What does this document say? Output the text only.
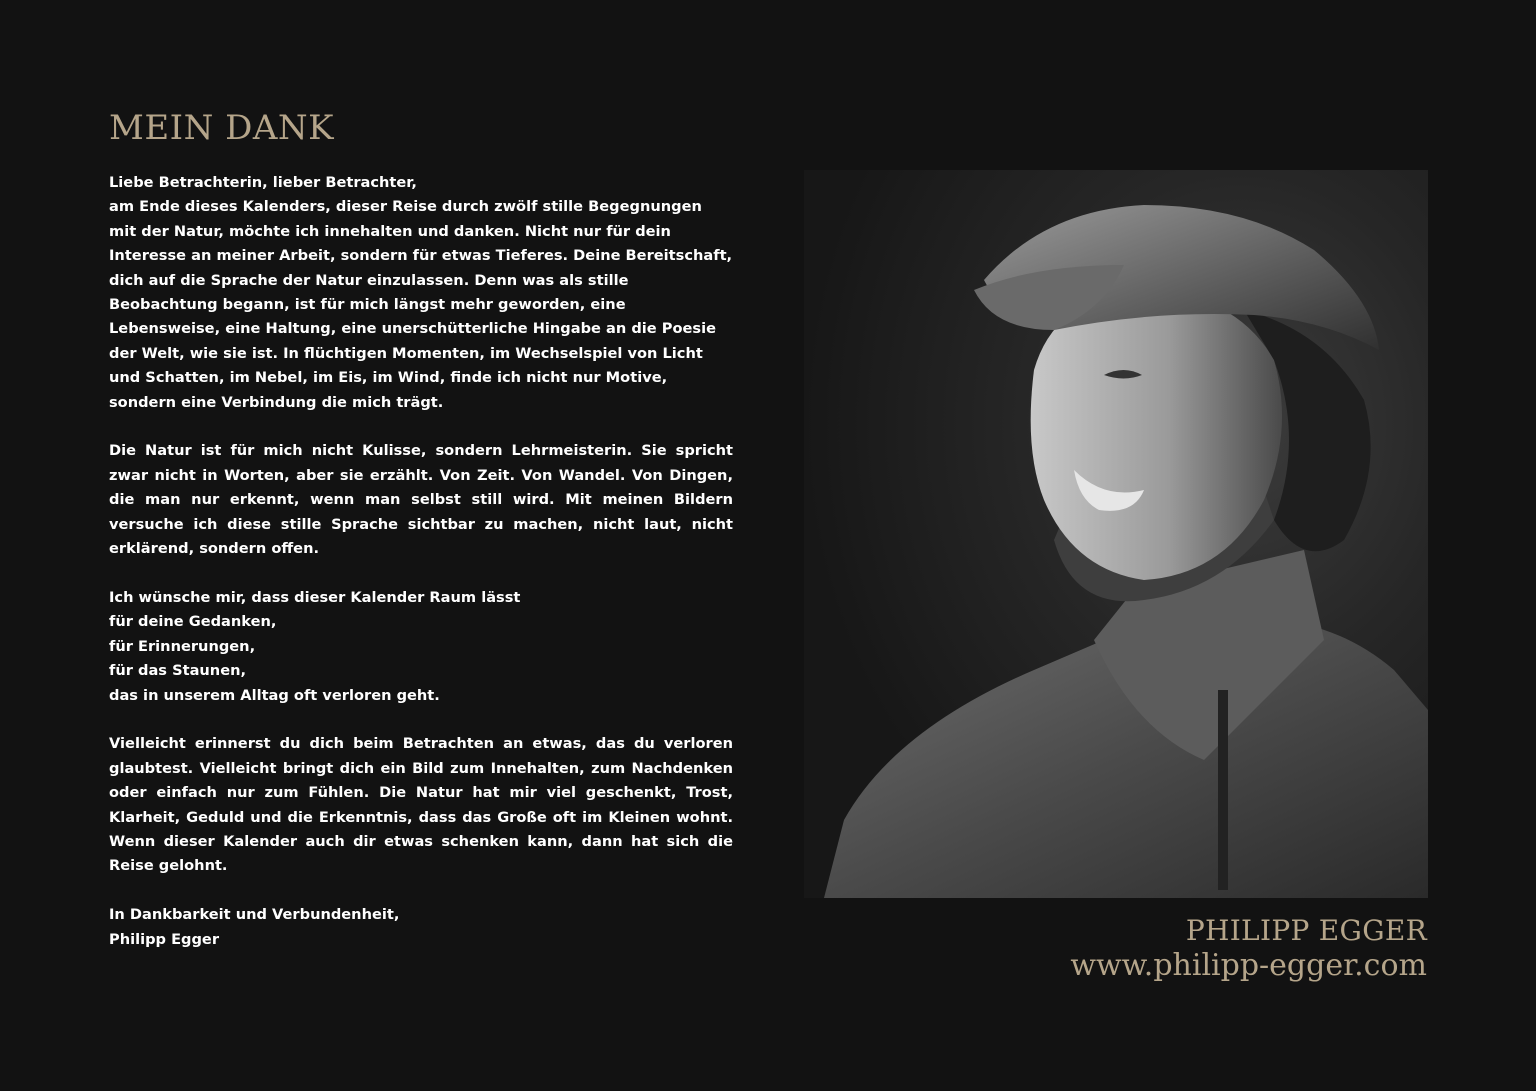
MEIN DANK

Liebe Betrachterin, lieber Betrachter,
am Ende dieses Kalenders, dieser Reise durch zwölf stille Begegnungen mit der Natur, möchte ich innehalten und danken. Nicht nur für dein Interesse an meiner Arbeit, sondern für etwas Tieferes. Deine Bereitschaft, dich auf die Sprache der Natur einzulassen. Denn was als stille Beobachtung begann, ist für mich längst mehr geworden, eine Lebensweise, eine Haltung, eine unerschütterliche Hingabe an die Poesie der Welt, wie sie ist. In flüchtigen Momenten, im Wechselspiel von Licht und Schatten, im Nebel, im Eis, im Wind, finde ich nicht nur Motive, sondern eine Verbindung die mich trägt.

Die Natur ist für mich nicht Kulisse, sondern Lehrmeisterin. Sie spricht zwar nicht in Worten, aber sie erzählt. Von Zeit. Von Wandel. Von Dingen, die man nur erkennt, wenn man selbst still wird. Mit meinen Bildern versuche ich diese stille Sprache sichtbar zu machen, nicht laut, nicht erklärend, sondern offen.

Ich wünsche mir, dass dieser Kalender Raum lässt
für deine Gedanken,
für Erinnerungen,
für das Staunen,
das in unserem Alltag oft verloren geht.

Vielleicht erinnerst du dich beim Betrachten an etwas, das du verloren glaubtest. Vielleicht bringt dich ein Bild zum Innehalten, zum Nachdenken oder einfach nur zum Fühlen. Die Natur hat mir viel geschenkt, Trost, Klarheit, Geduld und die Erkenntnis, dass das Große oft im Kleinen wohnt. Wenn dieser Kalender auch dir etwas schenken kann, dann hat sich die Reise gelohnt.

In Dankbarkeit und Verbundenheit,
Philipp Egger	PHILIPP EGGER

www.philipp-egger.com
